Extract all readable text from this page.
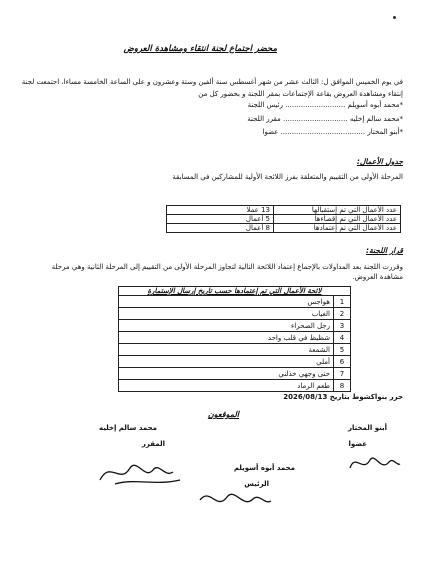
محضر اجتماع لجنة انتقاء ومشاهدة العروض
في يوم الخميس الموافق ل: الثالث عشر من شهر أغسطس سنة ألفين وستة وعشرون و على الساعة الخامسة مساءا، اجتمعت لجنة
إنتقاء ومشاهدة العروض بقاعة الإجتماعات بمقر اللجنة و بحضور كل من
*محمد أبوه أسويلم ........................... رئيس اللجنة
*محمد سالم إخليه ............................. مقرر اللجنة
*أبنو المختار ...................................... عضوا
جدول الأعمال:
المرحلة الأولى من التقييم والمتعلقة بفرز اللائحة الأولية للمشاركين في المسابقة
عدد الأعمال التي تم إستقبالها	13 عملا
عدد الأعمال التي تم إقصاءها	5 أعمال
عدد الأعمال التي تم إعتمادها	8 أعمال
قرار اللجنة:
وقررت اللجنة بعد المداولات بالإجماع إعتماد اللائحة التالية لتجاوز المرحلة الأولى من التقييم إلى المرحلة الثانية وهي مرحلة
مشاهدة العروض.
لائحة الأعمال التي تم إعتمادها حسب تاريخ إرسال الإستمارة	
1	هواجس
2	الغياب
3	رجل الصحراء
4	شظيظ في قلب واحد
5	الشمعة
6	أملي
7	حتى وجهي خذلني
8	طعم الرماد
حرر بنواكشوط بتاريخ 2026/08/13
الموقعون
أبنو المختار
عضوا
محمد سالم إخليه
المقرر
محمد أبوه أسويلم
الرئيس
